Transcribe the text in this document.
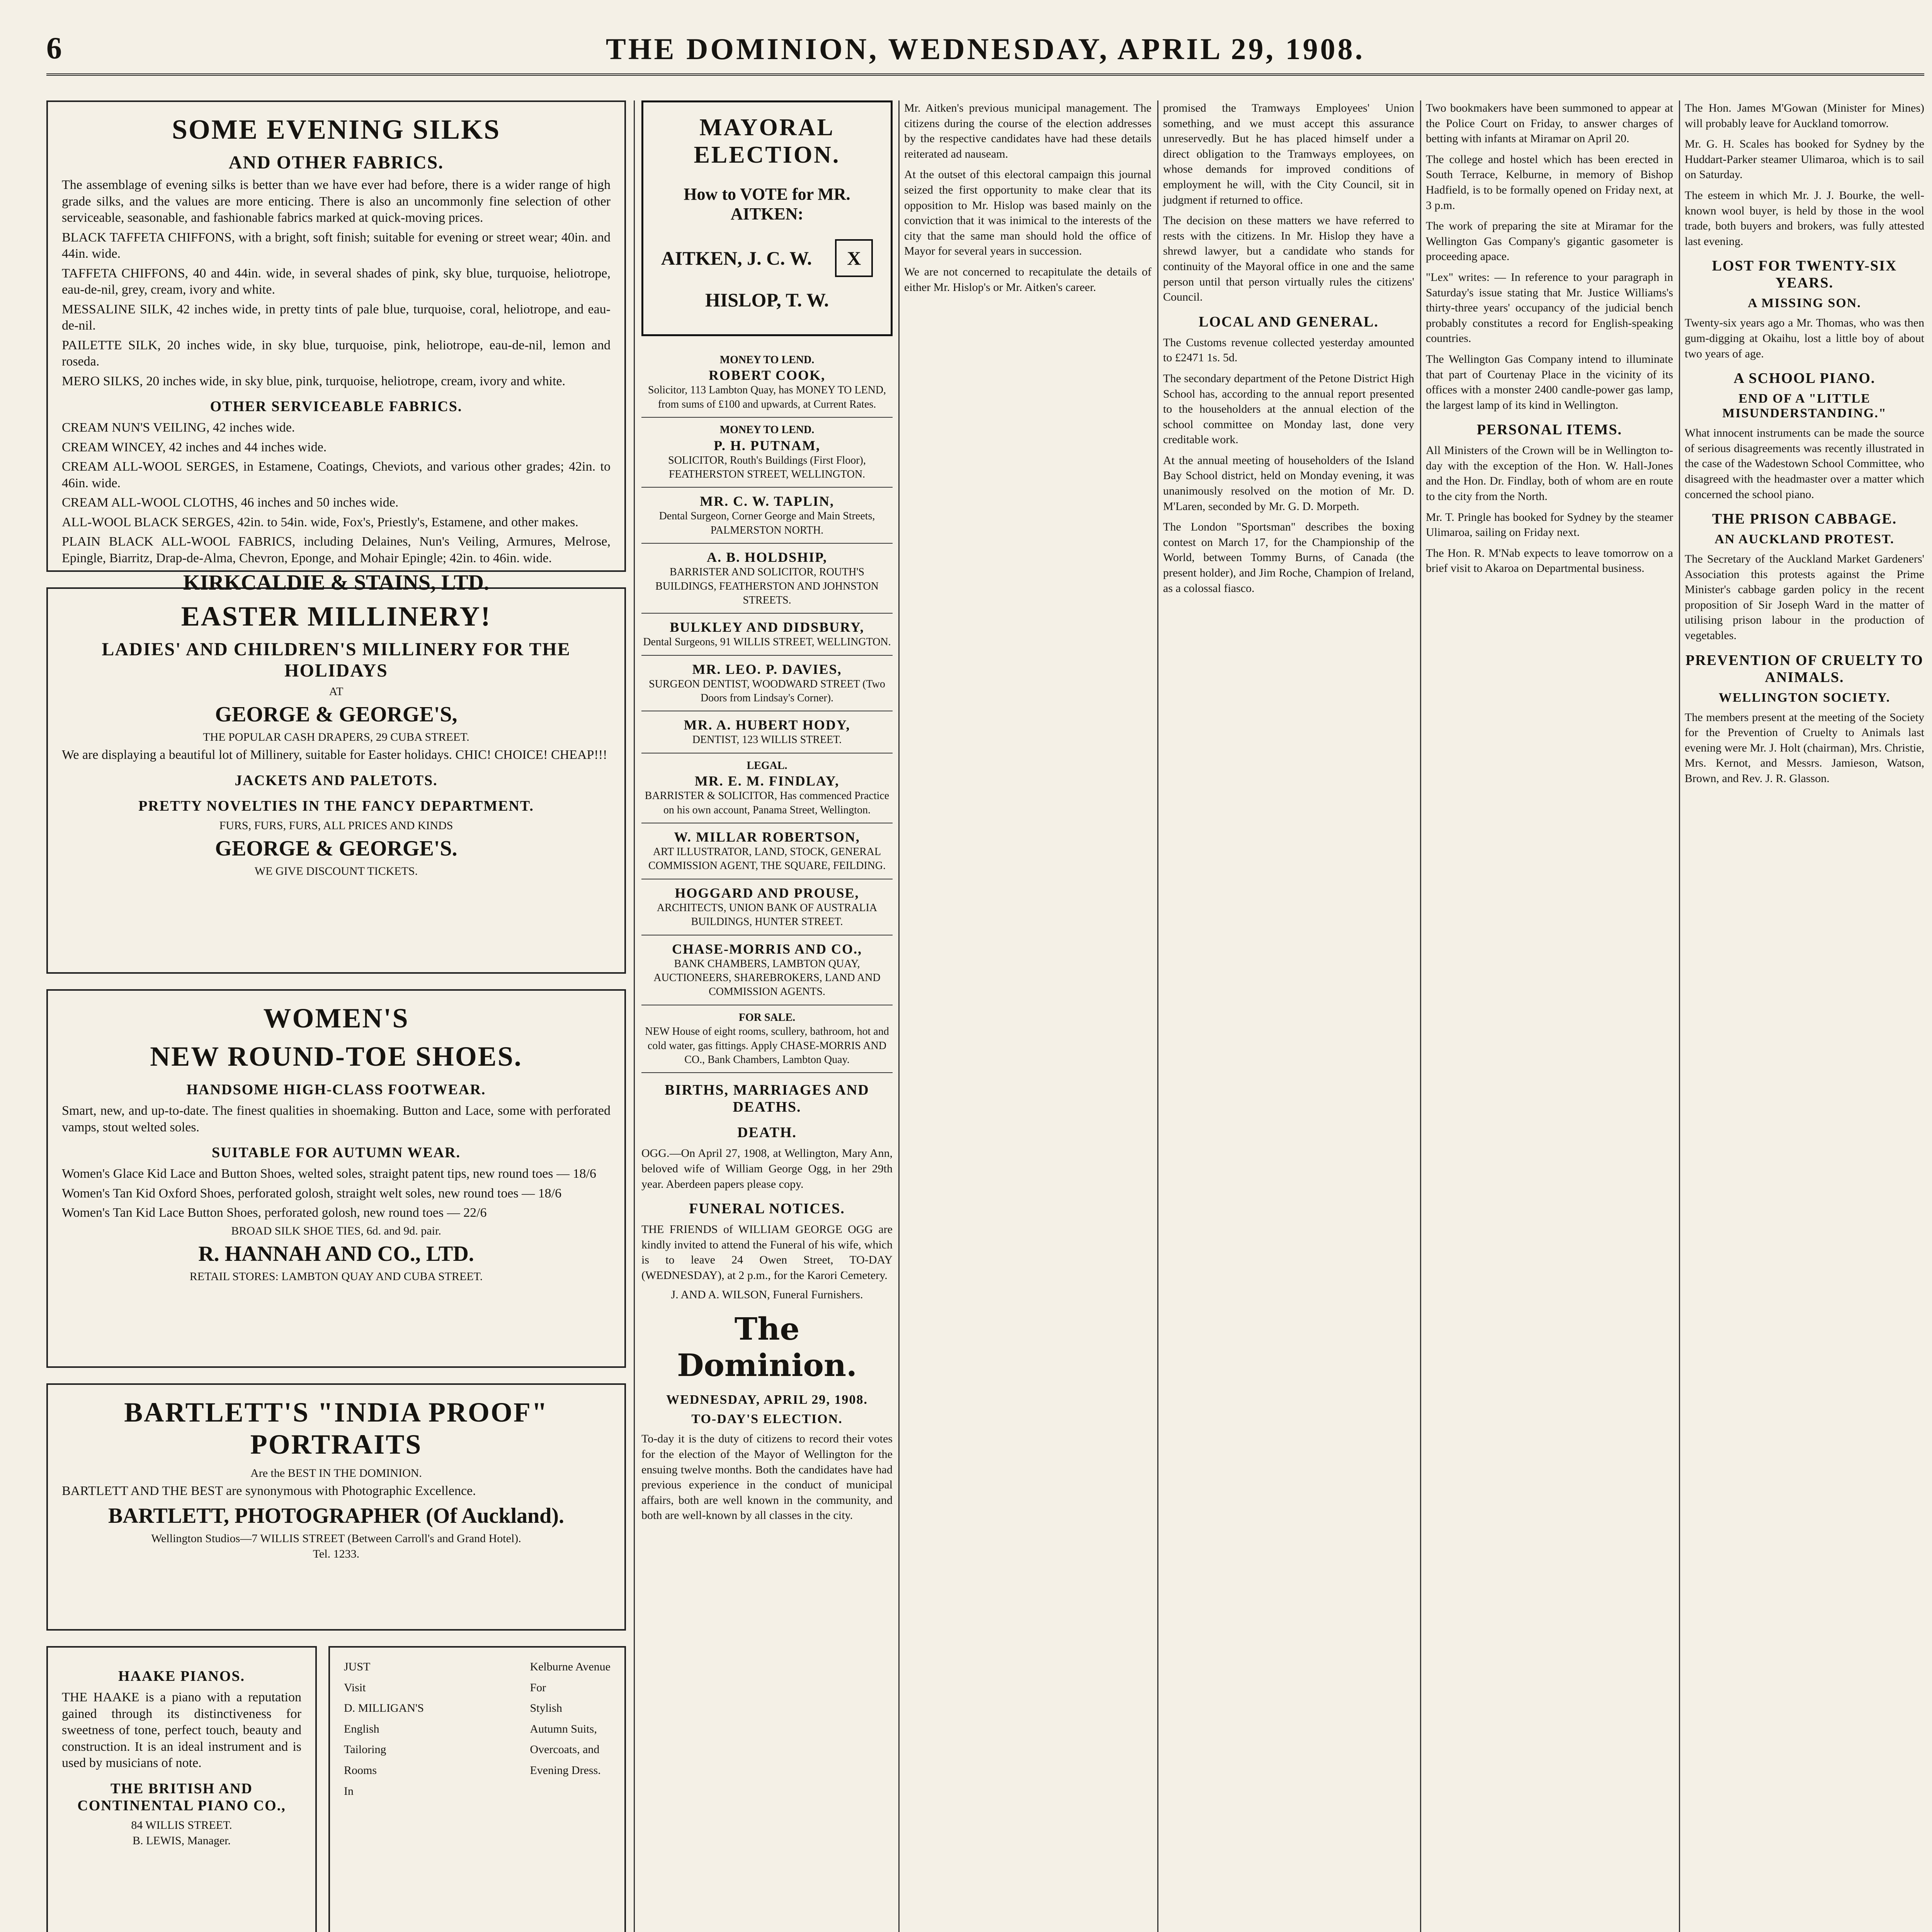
6	THE DOMINION, WEDNESDAY, APRIL 29, 1908.
SOME EVENING SILKS
AND OTHER FABRICS.

The assemblage of evening silks is better than we have ever had before, there is a wider range of high grade silks, and the values are more enticing. There is also an uncommonly fine selection of other serviceable, seasonable, and fashionable fabrics marked at quick-moving prices.

BLACK TAFFETA CHIFFONS, with a bright, soft finish; suitable for evening or street wear; 40in. and 44in. wide.

TAFFETA CHIFFONS, 40 and 44in. wide, in several shades of pink, sky blue, turquoise, heliotrope, eau-de-nil, grey, cream, ivory and white.

MESSALINE SILK, 42 inches wide, in pretty tints of pale blue, turquoise, coral, heliotrope, and eau-de-nil.

PAILETTE SILK, 20 inches wide, in sky blue, turquoise, pink, heliotrope, eau-de-nil, lemon and roseda.

MERO SILKS, 20 inches wide, in sky blue, pink, turquoise, heliotrope, cream, ivory and white.

OTHER SERVICEABLE FABRICS.

CREAM NUN'S VEILING, 42 inches wide.

CREAM WINCEY, 42 inches and 44 inches wide.

CREAM ALL-WOOL SERGES, in Estamene, Coatings, Cheviots, and various other grades; 42in. to 46in. wide.

CREAM ALL-WOOL CLOTHS, 46 inches and 50 inches wide.

ALL-WOOL BLACK SERGES, 42in. to 54in. wide, Fox's, Priestly's, Estamene, and other makes.

PLAIN BLACK ALL-WOOL FABRICS, including Delaines, Nun's Veiling, Armures, Melrose, Epingle, Biarritz, Drap-de-Alma, Chevron, Eponge, and Mohair Epingle; 42in. to 46in. wide.

KIRKCALDIE & STAINS, LTD.
EASTER MILLINERY!
LADIES' AND CHILDREN'S MILLINERY FOR THE HOLIDAYS
AT
GEORGE & GEORGE'S,
THE POPULAR CASH DRAPERS, 29 CUBA STREET.

We are displaying a beautiful lot of Millinery, suitable for Easter holidays. CHIC! CHOICE! CHEAP!!!

JACKETS AND PALETOTS.
PRETTY NOVELTIES IN THE FANCY DEPARTMENT.
FURS, FURS, FURS, ALL PRICES AND KINDS
GEORGE & GEORGE'S.
WE GIVE DISCOUNT TICKETS.
WOMEN'S
NEW ROUND-TOE SHOES.
HANDSOME HIGH-CLASS FOOTWEAR.

Smart, new, and up-to-date. The finest qualities in shoemaking. Button and Lace, some with perforated vamps, stout welted soles.

SUITABLE FOR AUTUMN WEAR.

Women's Glace Kid Lace and Button Shoes, welted soles, straight patent tips, new round toes — 18/6

Women's Tan Kid Oxford Shoes, perforated golosh, straight welt soles, new round toes — 18/6

Women's Tan Kid Lace Button Shoes, perforated golosh, new round toes — 22/6

BROAD SILK SHOE TIES, 6d. and 9d. pair.
R. HANNAH AND CO., LTD.
RETAIL STORES: LAMBTON QUAY AND CUBA STREET.
BARTLETT'S "INDIA PROOF" PORTRAITS
Are the BEST IN THE DOMINION.

BARTLETT AND THE BEST are synonymous with Photographic Excellence.

BARTLETT, PHOTOGRAPHER (Of Auckland).
Wellington Studios—7 WILLIS STREET (Between Carroll's and Grand Hotel).
Tel. 1233.
HAAKE PIANOS.

THE HAAKE is a piano with a reputation gained through its distinctiveness for sweetness of tone, perfect touch, beauty and construction. It is an ideal instrument and is used by musicians of note.

THE BRITISH AND CONTINENTAL PIANO CO.,
84 WILLIS STREET.
B. LEWIS, Manager.
JUST
Visit
D. MILLIGAN'S
English
Tailoring
Rooms
In
Kelburne Avenue
For
Stylish
Autumn Suits,
Overcoats, and
Evening Dress.

MAYORAL ELECTION.
How to VOTE for MR. AITKEN:
AITKEN, J. C. W. X
HISLOP, T. W.
MONEY TO LEND.
ROBERT COOK,
Solicitor, 113 Lambton Quay, has MONEY TO LEND, from sums of £100 and upwards, at Current Rates.
MONEY TO LEND.
P. H. PUTNAM,
SOLICITOR, Routh's Buildings (First Floor), FEATHERSTON STREET, WELLINGTON.
MR. C. W. TAPLIN,
Dental Surgeon, Corner George and Main Streets, PALMERSTON NORTH.
A. B. HOLDSHIP,
BARRISTER AND SOLICITOR, ROUTH'S BUILDINGS, FEATHERSTON AND JOHNSTON STREETS.
BULKLEY AND DIDSBURY,
Dental Surgeons, 91 WILLIS STREET, WELLINGTON.
MR. LEO. P. DAVIES,
SURGEON DENTIST, WOODWARD STREET (Two Doors from Lindsay's Corner).
MR. A. HUBERT HODY,
DENTIST, 123 WILLIS STREET.
LEGAL.
MR. E. M. FINDLAY,
BARRISTER & SOLICITOR, Has commenced Practice on his own account, Panama Street, Wellington.
W. MILLAR ROBERTSON,
ART ILLUSTRATOR, LAND, STOCK, GENERAL COMMISSION AGENT, THE SQUARE, FEILDING.
HOGGARD AND PROUSE,
ARCHITECTS, UNION BANK OF AUSTRALIA BUILDINGS, HUNTER STREET.
CHASE-MORRIS AND CO.,
BANK CHAMBERS, LAMBTON QUAY, AUCTIONEERS, SHAREBROKERS, LAND AND COMMISSION AGENTS.
FOR SALE.
NEW House of eight rooms, scullery, bathroom, hot and cold water, gas fittings. Apply CHASE-MORRIS AND CO., Bank Chambers, Lambton Quay.
BIRTHS, MARRIAGES AND DEATHS.
DEATH.

OGG.—On April 27, 1908, at Wellington, Mary Ann, beloved wife of William George Ogg, in her 29th year. Aberdeen papers please copy.

FUNERAL NOTICES.

THE FRIENDS of WILLIAM GEORGE OGG are kindly invited to attend the Funeral of his wife, which is to leave 24 Owen Street, TO-DAY (WEDNESDAY), at 2 p.m., for the Karori Cemetery.

J. AND A. WILSON, Funeral Furnishers.
The Dominion.
WEDNESDAY, APRIL 29, 1908.
TO-DAY'S ELECTION.

To-day it is the duty of citizens to record their votes for the election of the Mayor of Wellington for the ensuing twelve months. Both the candidates have had previous experience in the conduct of municipal affairs, both are well known in the community, and both are well-known by all classes in the city.

Mr. Aitken's previous municipal management. The citizens during the course of the election addresses by the respective candidates have had these details reiterated ad nauseam.

At the outset of this electoral campaign this journal seized the first opportunity to make clear that its opposition to Mr. Hislop was based mainly on the conviction that it was inimical to the interests of the city that the same man should hold the office of Mayor for several years in succession.

We are not concerned to recapitulate the details of either Mr. Hislop's or Mr. Aitken's career.

promised the Tramways Employees' Union something, and we must accept this assurance unreservedly. But he has placed himself under a direct obligation to the Tramways employees, on whose demands for improved conditions of employment he will, with the City Council, sit in judgment if returned to office.

The decision on these matters we have referred to rests with the citizens. In Mr. Hislop they have a shrewd lawyer, but a candidate who stands for continuity of the Mayoral office in one and the same person until that person virtually rules the citizens' Council.

LOCAL AND GENERAL.

The Customs revenue collected yesterday amounted to £2471 1s. 5d.

The secondary department of the Petone District High School has, according to the annual report presented to the householders at the annual election of the school committee on Monday last, done very creditable work.

At the annual meeting of householders of the Island Bay School district, held on Monday evening, it was unanimously resolved on the motion of Mr. D. M'Laren, seconded by Mr. G. D. Morpeth.

The London "Sportsman" describes the boxing contest on March 17, for the Championship of the World, between Tommy Burns, of Canada (the present holder), and Jim Roche, Champion of Ireland, as a colossal fiasco.

Two bookmakers have been summoned to appear at the Police Court on Friday, to answer charges of betting with infants at Miramar on April 20.

The college and hostel which has been erected in South Terrace, Kelburne, in memory of Bishop Hadfield, is to be formally opened on Friday next, at 3 p.m.

The work of preparing the site at Miramar for the Wellington Gas Company's gigantic gasometer is proceeding apace.

"Lex" writes: — In reference to your paragraph in Saturday's issue stating that Mr. Justice Williams's thirty-three years' occupancy of the judicial bench probably constitutes a record for English-speaking countries.

The Wellington Gas Company intend to illuminate that part of Courtenay Place in the vicinity of its offices with a monster 2400 candle-power gas lamp, the largest lamp of its kind in Wellington.

PERSONAL ITEMS.

All Ministers of the Crown will be in Wellington to-day with the exception of the Hon. W. Hall-Jones and the Hon. Dr. Findlay, both of whom are en route to the city from the North.

Mr. T. Pringle has booked for Sydney by the steamer Ulimaroa, sailing on Friday next.

The Hon. R. M'Nab expects to leave tomorrow on a brief visit to Akaroa on Departmental business.

The Hon. James M'Gowan (Minister for Mines) will probably leave for Auckland tomorrow.

Mr. G. H. Scales has booked for Sydney by the Huddart-Parker steamer Ulimaroa, which is to sail on Saturday.

The esteem in which Mr. J. J. Bourke, the well-known wool buyer, is held by those in the wool trade, both buyers and brokers, was fully attested last evening.

LOST FOR TWENTY-SIX YEARS.
A MISSING SON.

Twenty-six years ago a Mr. Thomas, who was then gum-digging at Okaihu, lost a little boy of about two years of age.

A SCHOOL PIANO.
END OF A "LITTLE MISUNDERSTANDING."

What innocent instruments can be made the source of serious disagreements was recently illustrated in the case of the Wadestown School Committee, who disagreed with the headmaster over a matter which concerned the school piano.

THE PRISON CABBAGE.
AN AUCKLAND PROTEST.

The Secretary of the Auckland Market Gardeners' Association this protests against the Prime Minister's cabbage garden policy in the recent proposition of Sir Joseph Ward in the matter of utilising prison labour in the production of vegetables.

PREVENTION OF CRUELTY TO ANIMALS.
WELLINGTON SOCIETY.

The members present at the meeting of the Society for the Prevention of Cruelty to Animals last evening were Mr. J. Holt (chairman), Mrs. Christie, Mrs. Kernot, and Messrs. Jamieson, Watson, Brown, and Rev. J. R. Glasson.
